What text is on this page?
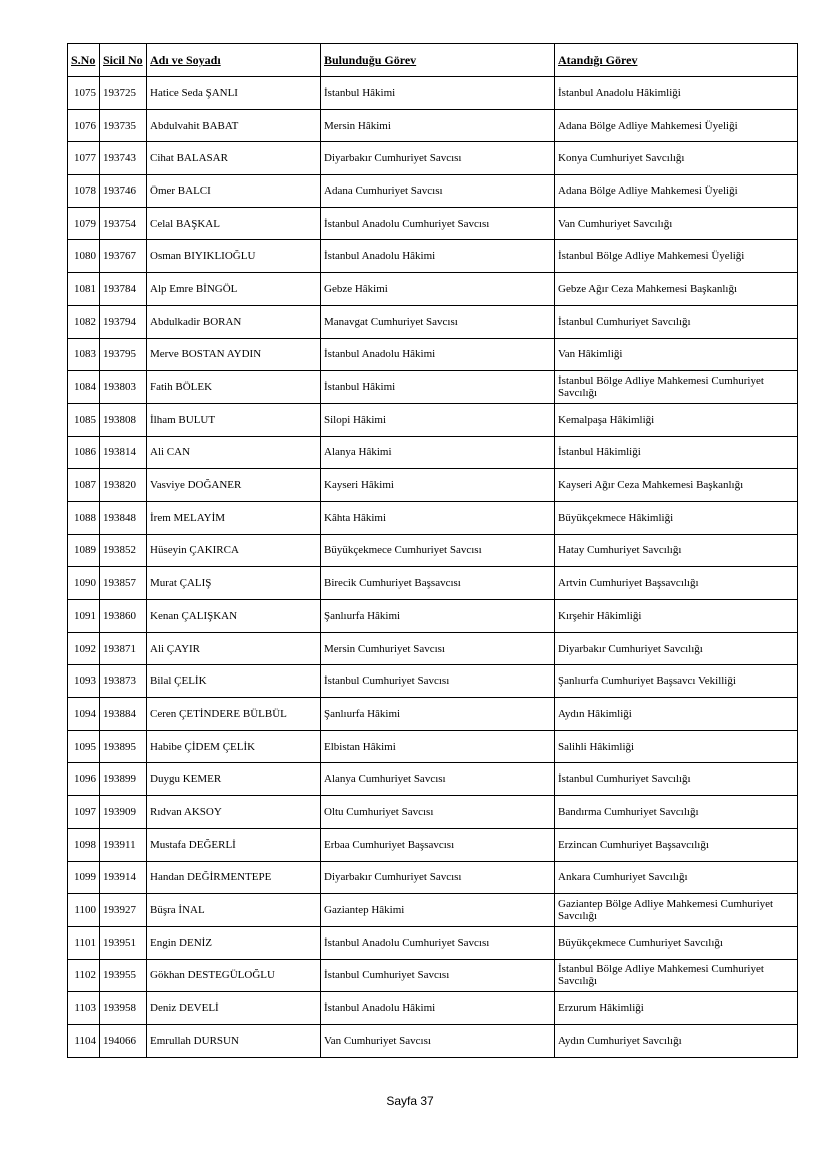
S.No	Sicil No	Adı ve Soyadı	Bulunduğu Görev	Atandığı Görev
1075	193725	Hatice Seda ŞANLI	İstanbul Hâkimi	İstanbul Anadolu Hâkimliği
1076	193735	Abdulvahit BABAT	Mersin Hâkimi	Adana Bölge Adliye Mahkemesi Üyeliği
1077	193743	Cihat BALASAR	Diyarbakır Cumhuriyet Savcısı	Konya Cumhuriyet Savcılığı
1078	193746	Ömer BALCI	Adana Cumhuriyet Savcısı	Adana Bölge Adliye Mahkemesi Üyeliği
1079	193754	Celal BAŞKAL	İstanbul Anadolu Cumhuriyet Savcısı	Van Cumhuriyet Savcılığı
1080	193767	Osman BIYIKLIOĞLU	İstanbul Anadolu Hâkimi	İstanbul Bölge Adliye Mahkemesi Üyeliği
1081	193784	Alp Emre BİNGÖL	Gebze Hâkimi	Gebze Ağır Ceza Mahkemesi Başkanlığı
1082	193794	Abdulkadir BORAN	Manavgat Cumhuriyet Savcısı	İstanbul Cumhuriyet Savcılığı
1083	193795	Merve BOSTAN AYDIN	İstanbul Anadolu Hâkimi	Van Hâkimliği
1084	193803	Fatih BÖLEK	İstanbul Hâkimi	İstanbul Bölge Adliye Mahkemesi Cumhuriyet Savcılığı
1085	193808	İlham BULUT	Silopi Hâkimi	Kemalpaşa Hâkimliği
1086	193814	Ali CAN	Alanya Hâkimi	İstanbul Hâkimliği
1087	193820	Vasviye DOĞANER	Kayseri Hâkimi	Kayseri Ağır Ceza Mahkemesi Başkanlığı
1088	193848	İrem MELAYİM	Kâhta Hâkimi	Büyükçekmece Hâkimliği
1089	193852	Hüseyin ÇAKIRCA	Büyükçekmece Cumhuriyet Savcısı	Hatay Cumhuriyet Savcılığı
1090	193857	Murat ÇALIŞ	Birecik Cumhuriyet Başsavcısı	Artvin Cumhuriyet Başsavcılığı
1091	193860	Kenan ÇALIŞKAN	Şanlıurfa Hâkimi	Kırşehir Hâkimliği
1092	193871	Ali ÇAYIR	Mersin Cumhuriyet Savcısı	Diyarbakır Cumhuriyet Savcılığı
1093	193873	Bilal ÇELİK	İstanbul Cumhuriyet Savcısı	Şanlıurfa Cumhuriyet Başsavcı Vekilliği
1094	193884	Ceren ÇETİNDERE BÜLBÜL	Şanlıurfa Hâkimi	Aydın Hâkimliği
1095	193895	Habibe ÇİDEM ÇELİK	Elbistan Hâkimi	Salihli Hâkimliği
1096	193899	Duygu KEMER	Alanya Cumhuriyet Savcısı	İstanbul Cumhuriyet Savcılığı
1097	193909	Rıdvan AKSOY	Oltu Cumhuriyet Savcısı	Bandırma Cumhuriyet Savcılığı
1098	193911	Mustafa DEĞERLİ	Erbaa Cumhuriyet Başsavcısı	Erzincan Cumhuriyet Başsavcılığı
1099	193914	Handan DEĞİRMENTEPE	Diyarbakır Cumhuriyet Savcısı	Ankara Cumhuriyet Savcılığı
1100	193927	Büşra İNAL	Gaziantep Hâkimi	Gaziantep Bölge Adliye Mahkemesi Cumhuriyet Savcılığı
1101	193951	Engin DENİZ	İstanbul Anadolu Cumhuriyet Savcısı	Büyükçekmece Cumhuriyet Savcılığı
1102	193955	Gökhan DESTEGÜLOĞLU	İstanbul Cumhuriyet Savcısı	İstanbul Bölge Adliye Mahkemesi Cumhuriyet Savcılığı
1103	193958	Deniz DEVELİ	İstanbul Anadolu Hâkimi	Erzurum Hâkimliği
1104	194066	Emrullah DURSUN	Van Cumhuriyet Savcısı	Aydın Cumhuriyet Savcılığı
Sayfa 37
